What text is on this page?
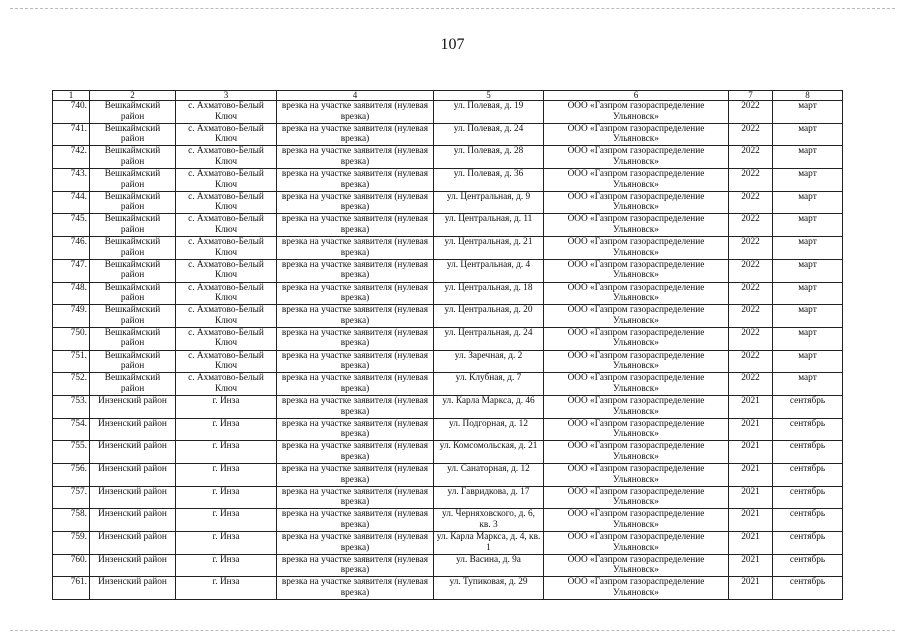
107
1	2	3	4	5	6	7	8
740.	Вешкаймский район	с. Ахматово-Белый Ключ	врезка на участке заявителя (нулевая врезка)	ул. Полевая, д. 19	ООО «Газпром газораспределение Ульяновск»	2022	март
741.	Вешкаймский район	с. Ахматово-Белый Ключ	врезка на участке заявителя (нулевая врезка)	ул. Полевая, д. 24	ООО «Газпром газораспределение Ульяновск»	2022	март
742.	Вешкаймский район	с. Ахматово-Белый Ключ	врезка на участке заявителя (нулевая врезка)	ул. Полевая, д. 28	ООО «Газпром газораспределение Ульяновск»	2022	март
743.	Вешкаймский район	с. Ахматово-Белый Ключ	врезка на участке заявителя (нулевая врезка)	ул. Полевая, д. 36	ООО «Газпром газораспределение Ульяновск»	2022	март
744.	Вешкаймский район	с. Ахматово-Белый Ключ	врезка на участке заявителя (нулевая врезка)	ул. Центральная, д. 9	ООО «Газпром газораспределение Ульяновск»	2022	март
745.	Вешкаймский район	с. Ахматово-Белый Ключ	врезка на участке заявителя (нулевая врезка)	ул. Центральная, д. 11	ООО «Газпром газораспределение Ульяновск»	2022	март
746.	Вешкаймский район	с. Ахматово-Белый Ключ	врезка на участке заявителя (нулевая врезка)	ул. Центральная, д. 21	ООО «Газпром газораспределение Ульяновск»	2022	март
747.	Вешкаймский район	с. Ахматово-Белый Ключ	врезка на участке заявителя (нулевая врезка)	ул. Центральная, д. 4	ООО «Газпром газораспределение Ульяновск»	2022	март
748.	Вешкаймский район	с. Ахматово-Белый Ключ	врезка на участке заявителя (нулевая врезка)	ул. Центральная, д. 18	ООО «Газпром газораспределение Ульяновск»	2022	март
749.	Вешкаймский район	с. Ахматово-Белый Ключ	врезка на участке заявителя (нулевая врезка)	ул. Центральная, д. 20	ООО «Газпром газораспределение Ульяновск»	2022	март
750.	Вешкаймский район	с. Ахматово-Белый Ключ	врезка на участке заявителя (нулевая врезка)	ул. Центральная, д. 24	ООО «Газпром газораспределение Ульяновск»	2022	март
751.	Вешкаймский район	с. Ахматово-Белый Ключ	врезка на участке заявителя (нулевая врезка)	ул. Заречная, д. 2	ООО «Газпром газораспределение Ульяновск»	2022	март
752.	Вешкаймский район	с. Ахматово-Белый Ключ	врезка на участке заявителя (нулевая врезка)	ул. Клубная, д. 7	ООО «Газпром газораспределение Ульяновск»	2022	март
753.	Инзенский район	г. Инза	врезка на участке заявителя (нулевая врезка)	ул. Карла Маркса, д. 46	ООО «Газпром газораспределение Ульяновск»	2021	сентябрь
754.	Инзенский район	г. Инза	врезка на участке заявителя (нулевая врезка)	ул. Подгорная, д. 12	ООО «Газпром газораспределение Ульяновск»	2021	сентябрь
755.	Инзенский район	г. Инза	врезка на участке заявителя (нулевая врезка)	ул. Комсомольская, д. 21	ООО «Газпром газораспределение Ульяновск»	2021	сентябрь
756.	Инзенский район	г. Инза	врезка на участке заявителя (нулевая врезка)	ул. Санаторная, д. 12	ООО «Газпром газораспределение Ульяновск»	2021	сентябрь
757.	Инзенский район	г. Инза	врезка на участке заявителя (нулевая врезка)	ул. Гавридкова, д. 17	ООО «Газпром газораспределение Ульяновск»	2021	сентябрь
758.	Инзенский район	г. Инза	врезка на участке заявителя (нулевая врезка)	ул. Черняховского, д. 6, кв. 3	ООО «Газпром газораспределение Ульяновск»	2021	сентябрь
759.	Инзенский район	г. Инза	врезка на участке заявителя (нулевая врезка)	ул. Карла Маркса, д. 4, кв. 1	ООО «Газпром газораспределение Ульяновск»	2021	сентябрь
760.	Инзенский район	г. Инза	врезка на участке заявителя (нулевая врезка)	ул. Васина, д. 9а	ООО «Газпром газораспределение Ульяновск»	2021	сентябрь
761.	Инзенский район	г. Инза	врезка на участке заявителя (нулевая врезка)	ул. Тупиковая, д. 29	ООО «Газпром газораспределение Ульяновск»	2021	сентябрь
